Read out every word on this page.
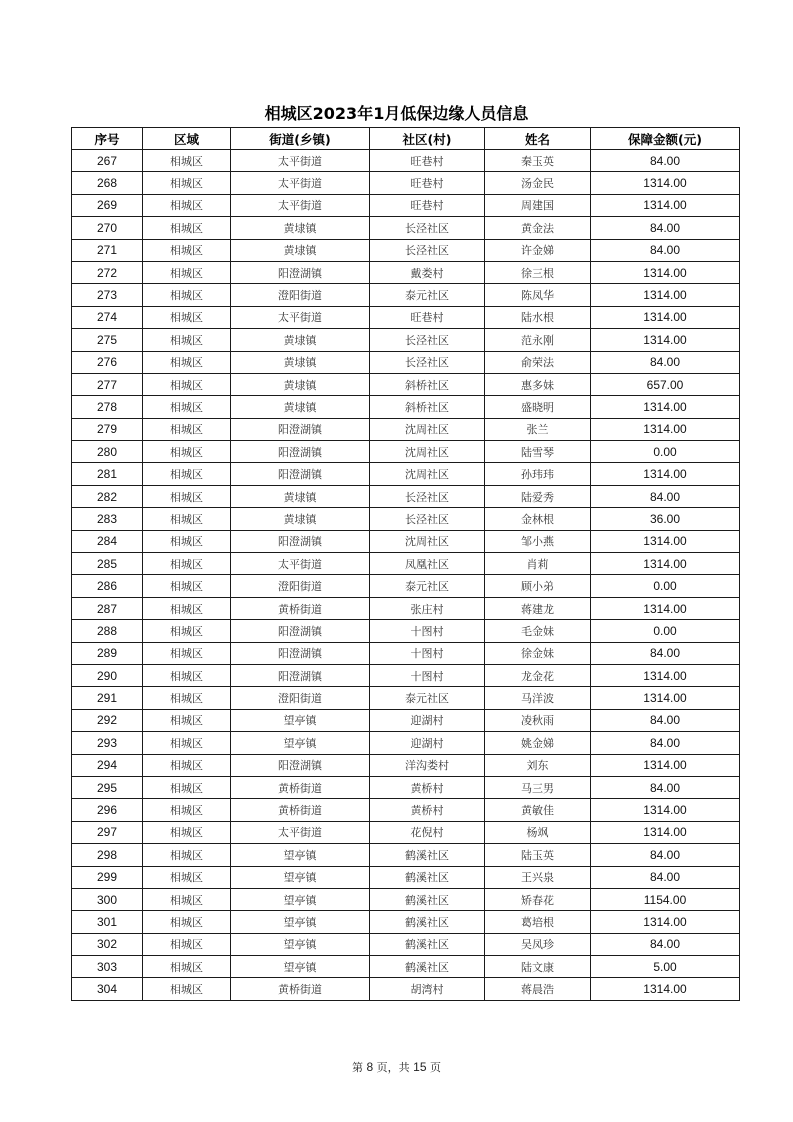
相城区2023年1月低保边缘人员信息
序号	区域	街道(乡镇)	社区(村)	姓名	保障金额(元)
267	相城区	太平街道	旺巷村	秦玉英	84.00
268	相城区	太平街道	旺巷村	汤金民	1314.00
269	相城区	太平街道	旺巷村	周建国	1314.00
270	相城区	黄埭镇	长泾社区	黄金法	84.00
271	相城区	黄埭镇	长泾社区	许金娣	84.00
272	相城区	阳澄湖镇	戴娄村	徐三根	1314.00
273	相城区	澄阳街道	泰元社区	陈凤华	1314.00
274	相城区	太平街道	旺巷村	陆水根	1314.00
275	相城区	黄埭镇	长泾社区	范永刚	1314.00
276	相城区	黄埭镇	长泾社区	俞荣法	84.00
277	相城区	黄埭镇	斜桥社区	惠多妹	657.00
278	相城区	黄埭镇	斜桥社区	盛晓明	1314.00
279	相城区	阳澄湖镇	沈周社区	张兰	1314.00
280	相城区	阳澄湖镇	沈周社区	陆雪琴	0.00
281	相城区	阳澄湖镇	沈周社区	孙玮玮	1314.00
282	相城区	黄埭镇	长泾社区	陆爱秀	84.00
283	相城区	黄埭镇	长泾社区	金林根	36.00
284	相城区	阳澄湖镇	沈周社区	邹小燕	1314.00
285	相城区	太平街道	凤凰社区	肖莉	1314.00
286	相城区	澄阳街道	泰元社区	顾小弟	0.00
287	相城区	黄桥街道	张庄村	蒋建龙	1314.00
288	相城区	阳澄湖镇	十图村	毛金妹	0.00
289	相城区	阳澄湖镇	十图村	徐金妹	84.00
290	相城区	阳澄湖镇	十图村	龙金花	1314.00
291	相城区	澄阳街道	泰元社区	马洋波	1314.00
292	相城区	望亭镇	迎湖村	凌秋雨	84.00
293	相城区	望亭镇	迎湖村	姚金娣	84.00
294	相城区	阳澄湖镇	洋沟娄村	刘东	1314.00
295	相城区	黄桥街道	黄桥村	马三男	84.00
296	相城区	黄桥街道	黄桥村	黄敏佳	1314.00
297	相城区	太平街道	花倪村	杨飒	1314.00
298	相城区	望亭镇	鹤溪社区	陆玉英	84.00
299	相城区	望亭镇	鹤溪社区	王兴泉	84.00
300	相城区	望亭镇	鹤溪社区	矫春花	1154.00
301	相城区	望亭镇	鹤溪社区	葛培根	1314.00
302	相城区	望亭镇	鹤溪社区	吴凤珍	84.00
303	相城区	望亭镇	鹤溪社区	陆文康	5.00
304	相城区	黄桥街道	胡湾村	蒋晨浩	1314.00
第 8 页，共 15 页
